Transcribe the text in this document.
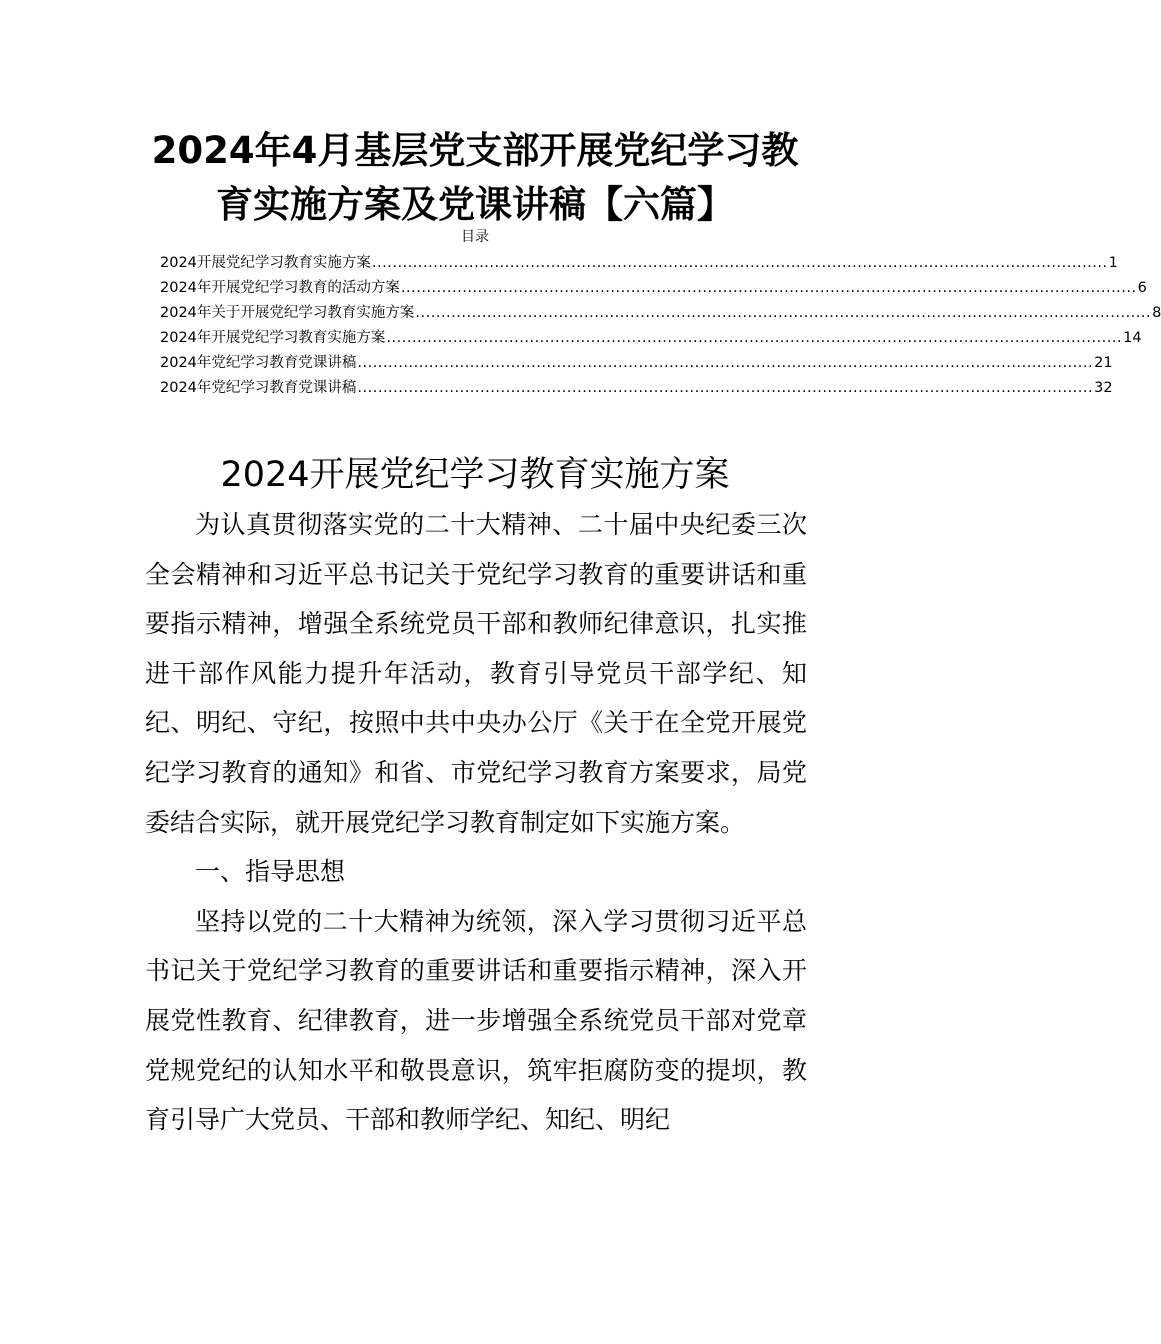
2024年4月基层党支部开展党纪学习教
育实施方案及党课讲稿【六篇】
目录
2024开展党纪学习教育实施方案 ................................................................................................................................................ 1
2024年开展党纪学习教育的活动方案 ................................................................................................................................................ 6
2024年关于开展党纪学习教育实施方案 ................................................................................................................................................ 8
2024年开展党纪学习教育实施方案 ................................................................................................................................................ 14
2024年党纪学习教育党课讲稿 ................................................................................................................................................ 21
2024年党纪学习教育党课讲稿 ................................................................................................................................................ 32
2024开展党纪学习教育实施方案

为认真贯彻落实党的二十大精神、二十届中央纪委三次全会精神和习近平总书记关于党纪学习教育的重要讲话和重要指示精神，增强全系统党员干部和教师纪律意识，扎实推进干部作风能力提升年活动，教育引导党员干部学纪、知纪、明纪、守纪，按照中共中央办公厅《关于在全党开展党纪学习教育的通知》和省、市党纪学习教育方案要求，局党委结合实际，就开展党纪学习教育制定如下实施方案。

一、指导思想

坚持以党的二十大精神为统领，深入学习贯彻习近平总书记关于党纪学习教育的重要讲话和重要指示精神，深入开展党性教育、纪律教育，进一步增强全系统党员干部对党章党规党纪的认知水平和敬畏意识，筑牢拒腐防变的提坝，教育引导广大党员、干部和教师学纪、知纪、明纪
